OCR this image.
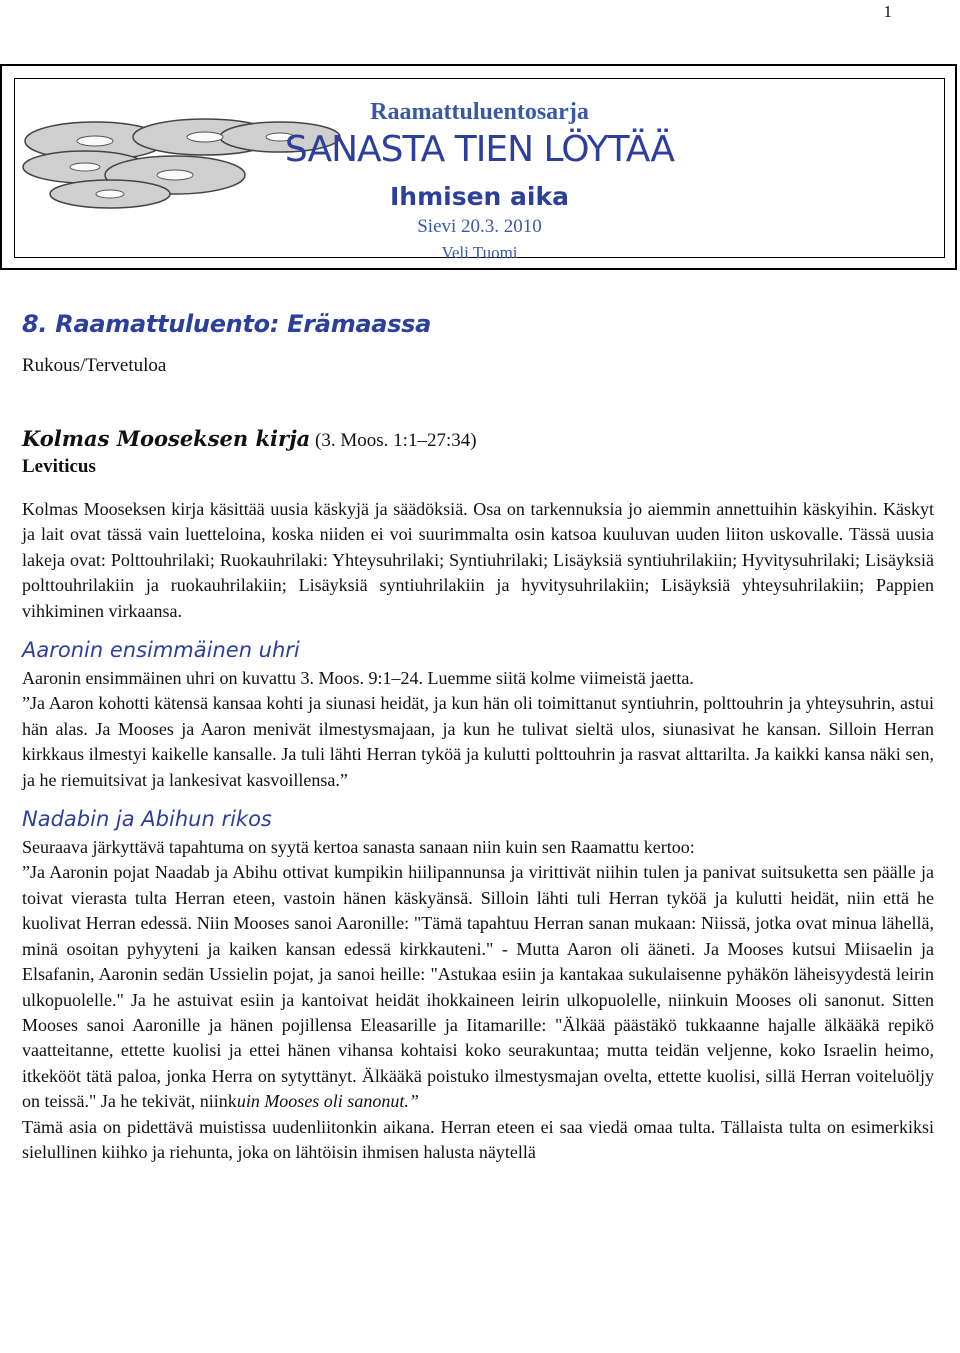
1
Raamattuluentosarja
SANASTA TIEN LÖYTÄÄ
Ihmisen aika
Sievi 20.3. 2010
Veli Tuomi
8. Raamattuluento: Erämaassa
Rukous/Tervetuloa
Kolmas Mooseksen kirja (3. Moos. 1:1–27:34)
Leviticus

Kolmas Mooseksen kirja käsittää uusia käskyjä ja säädöksiä. Osa on tarkennuksia jo aiemmin annettuihin käskyihin. Käskyt ja lait ovat tässä vain luetteloina, koska niiden ei voi suurimmalta osin katsoa kuuluvan uuden liiton uskovalle. Tässä uusia lakeja ovat: Polttouhrilaki; Ruokauhrilaki: Yhteysuhrilaki; Syntiuhrilaki; Lisäyksiä syntiuhrilakiin; Hyvitysuhrilaki; Lisäyksiä polttouhrilakiin ja ruokauhrilakiin; Lisäyksiä syntiuhrilakiin ja hyvitysuhrilakiin; Lisäyksiä yhteysuhrilakiin; Pappien vihkiminen virkaansa.

Aaronin ensimmäinen uhri

Aaronin ensimmäinen uhri on kuvattu 3. Moos. 9:1–24. Luemme siitä kolme viimeistä jaetta.

”Ja Aaron kohotti kätensä kansaa kohti ja siunasi heidät, ja kun hän oli toimittanut syntiuhrin, polttouhrin ja yhteysuhrin, astui hän alas. Ja Mooses ja Aaron menivät ilmestysmajaan, ja kun he tulivat sieltä ulos, siunasivat he kansan. Silloin Herran kirkkaus ilmestyi kaikelle kansalle. Ja tuli lähti Herran tyköä ja kulutti polttouhrin ja rasvat alttarilta. Ja kaikki kansa näki sen, ja he riemuitsivat ja lankesivat kasvoillensa.”

Nadabin ja Abihun rikos

Seuraava järkyttävä tapahtuma on syytä kertoa sanasta sanaan niin kuin sen Raamattu kertoo:

”Ja Aaronin pojat Naadab ja Abihu ottivat kumpikin hiilipannunsa ja virittivät niihin tulen ja panivat suitsuketta sen päälle ja toivat vierasta tulta Herran eteen, vastoin hänen käskyänsä. Silloin lähti tuli Herran tyköä ja kulutti heidät, niin että he kuolivat Herran edessä. Niin Mooses sanoi Aaronille: "Tämä tapahtuu Herran sanan mukaan: Niissä, jotka ovat minua lähellä, minä osoitan pyhyyteni ja kaiken kansan edessä kirkkauteni." - Mutta Aaron oli ääneti. Ja Mooses kutsui Miisaelin ja Elsafanin, Aaronin sedän Ussielin pojat, ja sanoi heille: "Astukaa esiin ja kantakaa sukulaisenne pyhäkön läheisyydestä leirin ulkopuolelle." Ja he astuivat esiin ja kantoivat heidät ihokkaineen leirin ulkopuolelle, niinkuin Mooses oli sanonut. Sitten Mooses sanoi Aaronille ja hänen pojillensa Eleasarille ja Iitamarille: "Älkää päästäkö tukkaanne hajalle älkääkä repikö vaatteitanne, ettette kuolisi ja ettei hänen vihansa kohtaisi koko seurakuntaa; mutta teidän veljenne, koko Israelin heimo, itkekööt tätä paloa, jonka Herra on sytyttänyt. Älkääkä poistuko ilmestysmajan ovelta, ettette kuolisi, sillä Herran voiteluöljy on teissä." Ja he tekivät, niinkuin Mooses oli sanonut.”

Tämä asia on pidettävä muistissa uudenliitonkin aikana. Herran eteen ei saa viedä omaa tulta. Tällaista tulta on esimerkiksi sielullinen kiihko ja riehunta, joka on lähtöisin ihmisen halusta näytellä
